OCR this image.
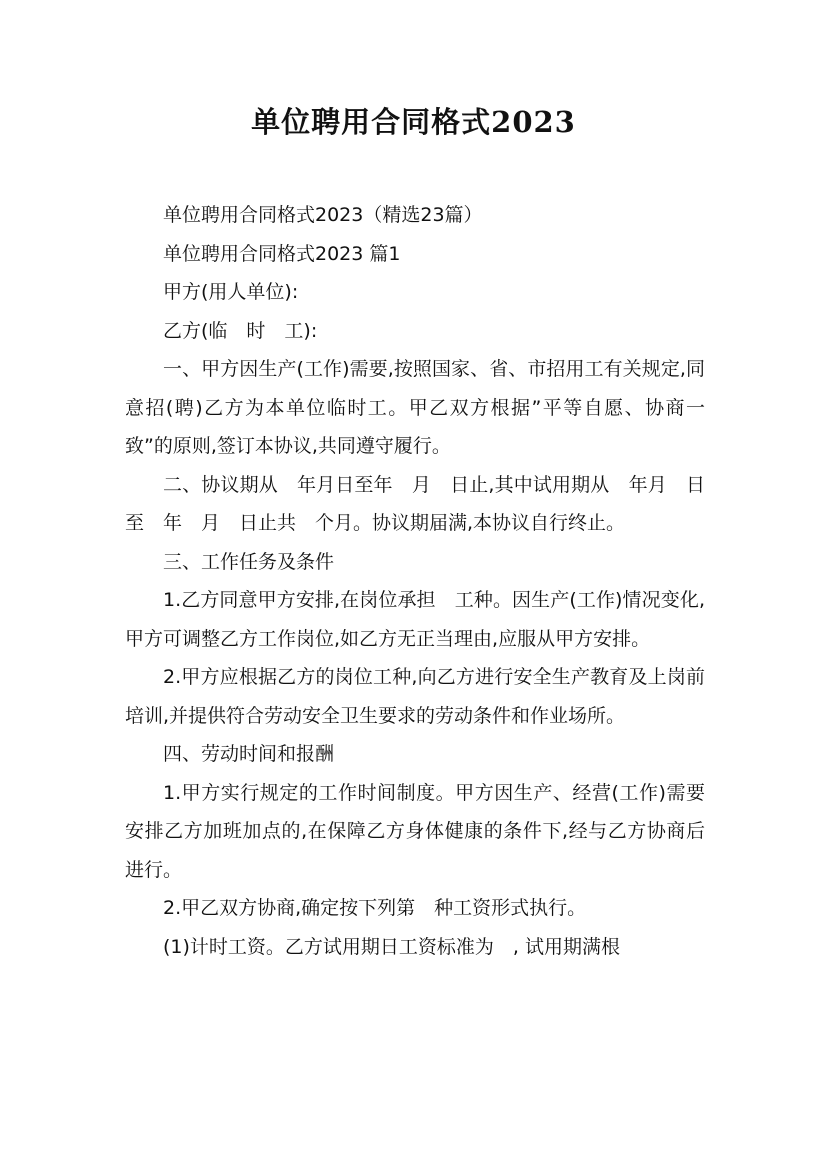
单位聘用合同格式2023

单位聘用合同格式2023（精选23篇）

单位聘用合同格式2023 篇1

甲方(用人单位):

乙方(临　时　工):

一、甲方因生产(工作)需要,按照国家、省、市招用工有关规定,同意招(聘)乙方为本单位临时工。甲乙双方根据”平等自愿、协商一致”的原则,签订本协议,共同遵守履行。

二、协议期从　年月日至年　月　日止,其中试用期从　年月　日至　年　月　日止共　个月。协议期届满,本协议自行终止。

三、工作任务及条件

1.乙方同意甲方安排,在岗位承担　工种。因生产(工作)情况变化,甲方可调整乙方工作岗位,如乙方无正当理由,应服从甲方安排。

2.甲方应根据乙方的岗位工种,向乙方进行安全生产教育及上岗前培训,并提供符合劳动安全卫生要求的劳动条件和作业场所。

四、劳动时间和报酬

1.甲方实行规定的工作时间制度。甲方因生产、经营(工作)需要安排乙方加班加点的,在保障乙方身体健康的条件下,经与乙方协商后进行。

2.甲乙双方协商,确定按下列第　种工资形式执行。

(1)计时工资。乙方试用期日工资标准为　, 试用期满根
